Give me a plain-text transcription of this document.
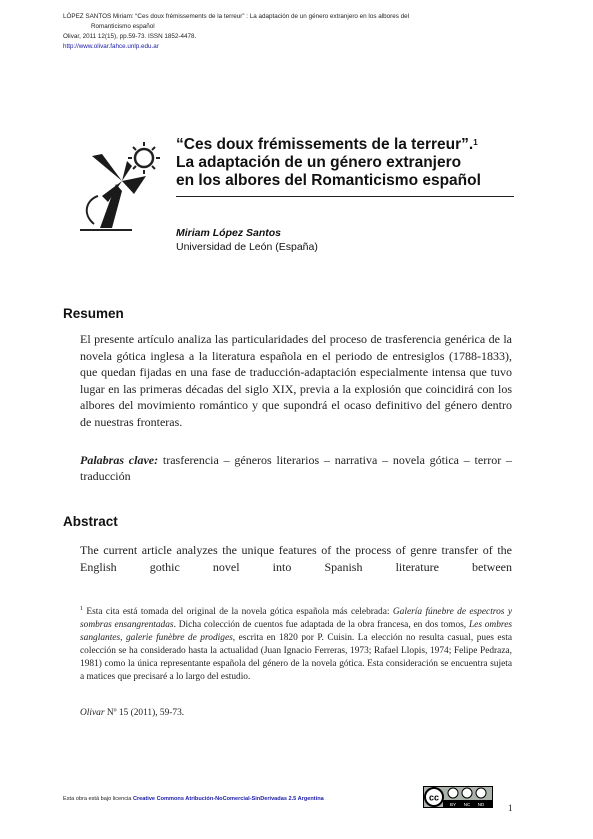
LÓPEZ SANTOS Miriam: “Ces doux frémissements de la terreur” : La adaptación de un género extranjero en los albores del
Romanticismo español
Olivar, 2011 12(15), pp.59-73. ISSN 1852-4478.
http://www.olivar.fahce.unlp.edu.ar
“Ces doux frémissements de la terreur”.$^1$
La adaptación de un género extranjero
en los albores del Romanticismo español
Miriam López Santos
Universidad de León (España)
Resumen
El presente artículo analiza las particularidades del proceso de trasferencia genérica de la novela gótica inglesa a la literatura española en el periodo de entresiglos (1788-1833), que quedan fijadas en una fase de traducción-adaptación especialmente intensa que tuvo lugar en las primeras décadas del siglo XIX, previa a la explosión que coincidirá con los albores del movimiento romántico y que supondrá el ocaso definitivo del género dentro de nuestras fronteras.
Palabras clave: trasferencia – géneros literarios – narrativa – novela gótica – terror – traducción
Abstract
The current article analyzes the unique features of the process of genre transfer of the English gothic novel into Spanish literature between
$^1$ Esta cita está tomada del original de la novela gótica española más celebrada: Galería fúnebre de espectros y sombras ensangrentadas. Dicha colección de cuentos fue adaptada de la obra francesa, en dos tomos, Les ombres sanglantes, galerie funèbre de prodiges, escrita en 1820 por P. Cuisin. La elección no resulta casual, pues esta colección se ha considerado hasta la actualidad (Juan Ignacio Ferreras, 1973; Rafael Llopis, 1974; Felipe Pedraza, 1981) como la única representante española del género de la novela gótica. Esta consideración se encuentra sujeta a matices que precisaré a lo largo del estudio.
Olivar Nº 15 (2011), 59-73.
Esta obra está bajo licencia Creative Commons Atribución-NoComercial-SinDerivadas 2.5 Argentina	cc
BY NC ND	1
